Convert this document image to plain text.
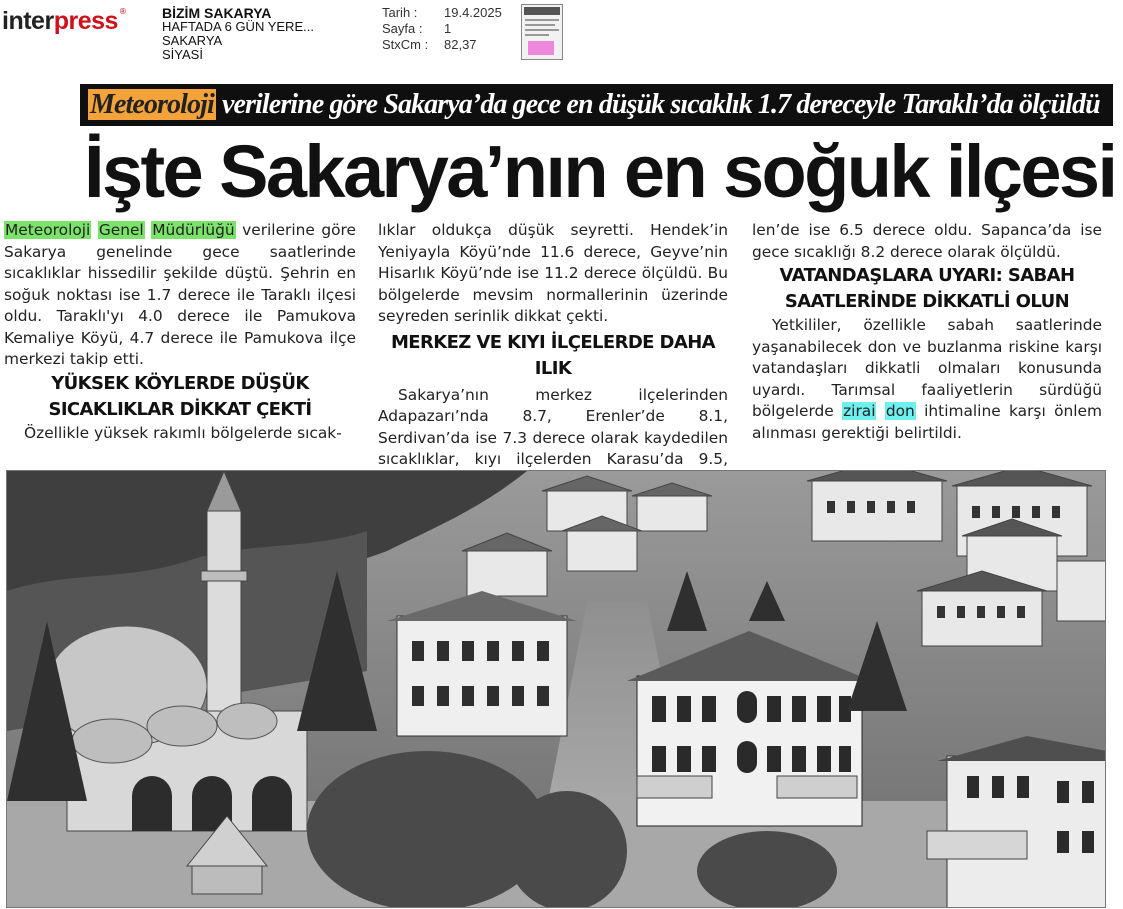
interpress ®	BİZİM SAKARYA
HAFTADA 6 GÜN YERE...
SAKARYA
SİYASİ
Tarih :	19.4.2025
Sayfa :	1
StxCm :	82,37
Meteoroloji verilerine göre Sakarya’da gece en düşük sıcaklık 1.7 dereceyle Taraklı’da ölçüldü
İşte Sakarya’nın en soğuk ilçesi

Meteoroloji Genel Müdürlüğü verilerine göre Sakarya genelinde gece saatlerinde sıcaklıklar hissedilir şekilde düştü. Şehrin en soğuk noktası ise 1.7 derece ile Taraklı ilçesi oldu. Taraklı'yı 4.0 derece ile Pamukova Kemaliye Köyü, 4.7 derece ile Pamukova ilçe merkezi takip etti.

YÜKSEK KÖYLERDE DÜŞÜK
SICAKLIKLAR DİKKAT ÇEKTİ

Özellikle yüksek rakımlı bölgelerde sıcak-

lıklar oldukça düşük seyretti. Hendek’in Yeniyayla Köyü’nde 11.6 derece, Geyve’nin Hisarlık Köyü’nde ise 11.2 derece ölçüldü. Bu bölgelerde mevsim normallerinin üzerinde seyreden serinlik dikkat çekti.

MERKEZ VE KIYI İLÇELERDE DAHA ILIK

Sakarya’nın merkez ilçelerinden Adapazarı’nda 8.7, Erenler’de 8.1, Serdivan’da ise 7.3 derece olarak kaydedilen sıcaklıklar, kıyı ilçelerden Karasu’da 9.5,

len’de ise 6.5 derece oldu. Sapanca’da ise gece sıcaklığı 8.2 derece olarak ölçüldü.

VATANDAŞLARA UYARI: SABAH
SAATLERİNDE DİKKATLİ OLUN

Yetkililer, özellikle sabah saatlerinde yaşanabilecek don ve buzlanma riskine karşı vatandaşları dikkatli olmaları konusunda uyardı. Tarımsal faaliyetlerin sürdüğü bölgelerde zirai don ihtimaline karşı önlem alınması gerektiği belirtildi.
